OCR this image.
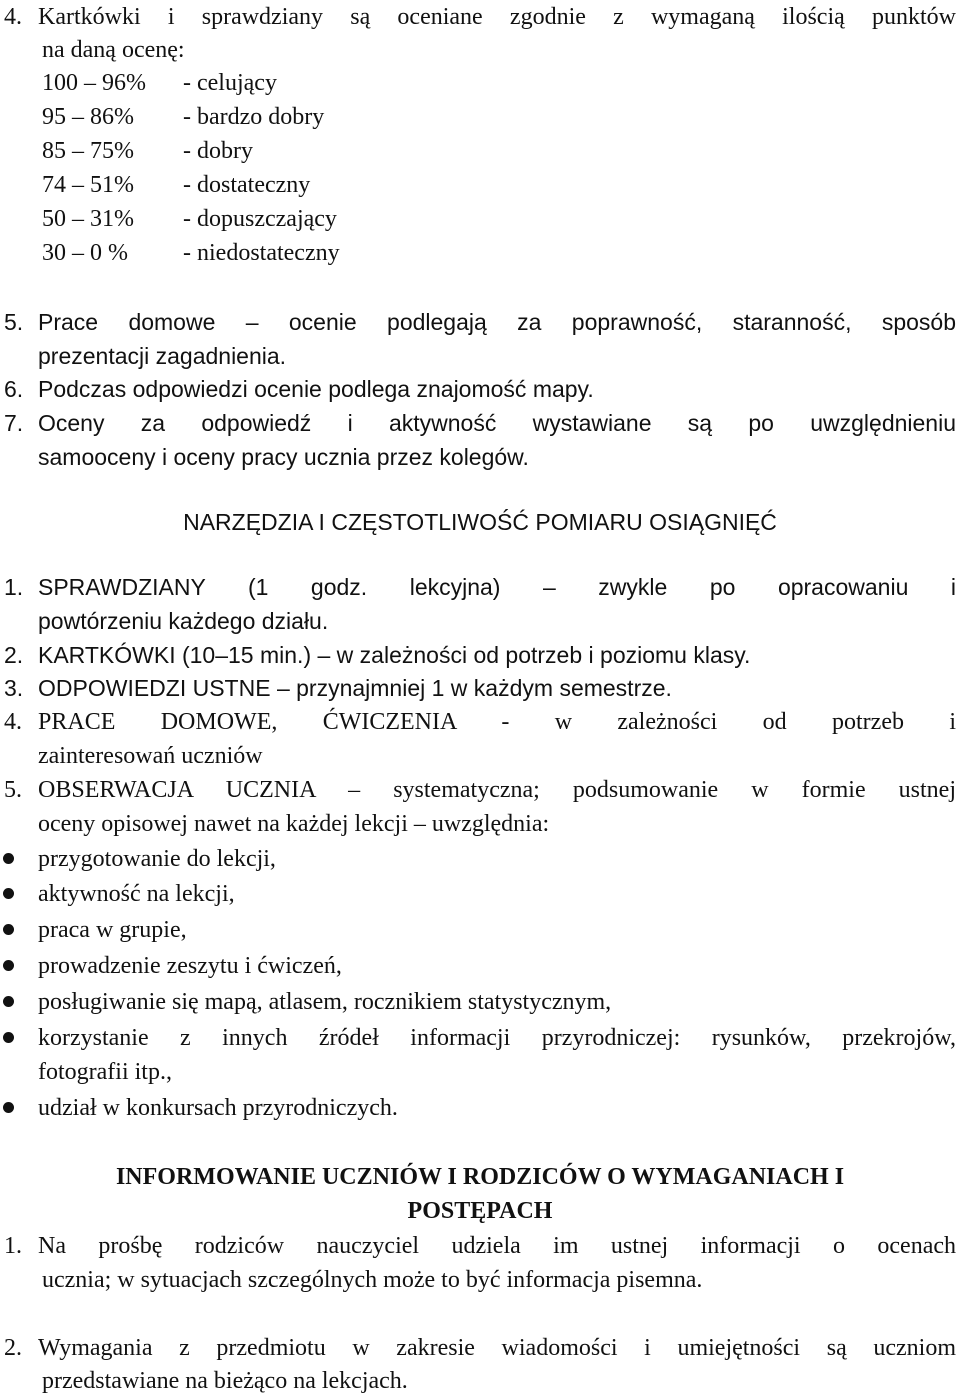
4. Kartkówki i sprawdziany są oceniane zgodnie z wymaganą ilością punktów
na daną ocenę:
100 – 96% - celujący
95 – 86% - bardzo dobry
85 – 75% - dobry
74 – 51% - dostateczny
50 – 31% - dopuszczający
30 – 0 % - niedostateczny
5. Prace domowe – ocenie podlegają za poprawność, staranność, sposób
prezentacji zagadnienia.
6. Podczas odpowiedzi ocenie podlega znajomość mapy.
7. Oceny za odpowiedź i aktywność wystawiane są po uwzględnieniu
samooceny i oceny pracy ucznia przez kolegów.
NARZĘDZIA I CZĘSTOTLIWOŚĆ POMIARU OSIĄGNIĘĆ
1. SPRAWDZIANY (1 godz. lekcyjna) – zwykle po opracowaniu i
powtórzeniu każdego działu.
2. KARTKÓWKI (10–15 min.) – w zależności od potrzeb i poziomu klasy.
3. ODPOWIEDZI USTNE – przynajmniej 1 w każdym semestrze.
4. PRACE DOMOWE, ĆWICZENIA - w zależności od potrzeb i
zainteresowań uczniów
5. OBSERWACJA UCZNIA – systematyczna; podsumowanie w formie ustnej
oceny opisowej nawet na każdej lekcji – uwzględnia:
przygotowanie do lekcji,
aktywność na lekcji,
praca w grupie,
prowadzenie zeszytu i ćwiczeń,
posługiwanie się mapą, atlasem, rocznikiem statystycznym,
korzystanie z innych źródeł informacji przyrodniczej: rysunków, przekrojów,
fotografii itp.,
udział w konkursach przyrodniczych.
INFORMOWANIE UCZNIÓW I RODZICÓW O WYMAGANIACH I
POSTĘPACH
1. Na prośbę rodziców nauczyciel udziela im ustnej informacji o ocenach
ucznia; w sytuacjach szczególnych może to być informacja pisemna.
2. Wymagania z przedmiotu w zakresie wiadomości i umiejętności są uczniom
przedstawiane na bieżąco na lekcjach.
